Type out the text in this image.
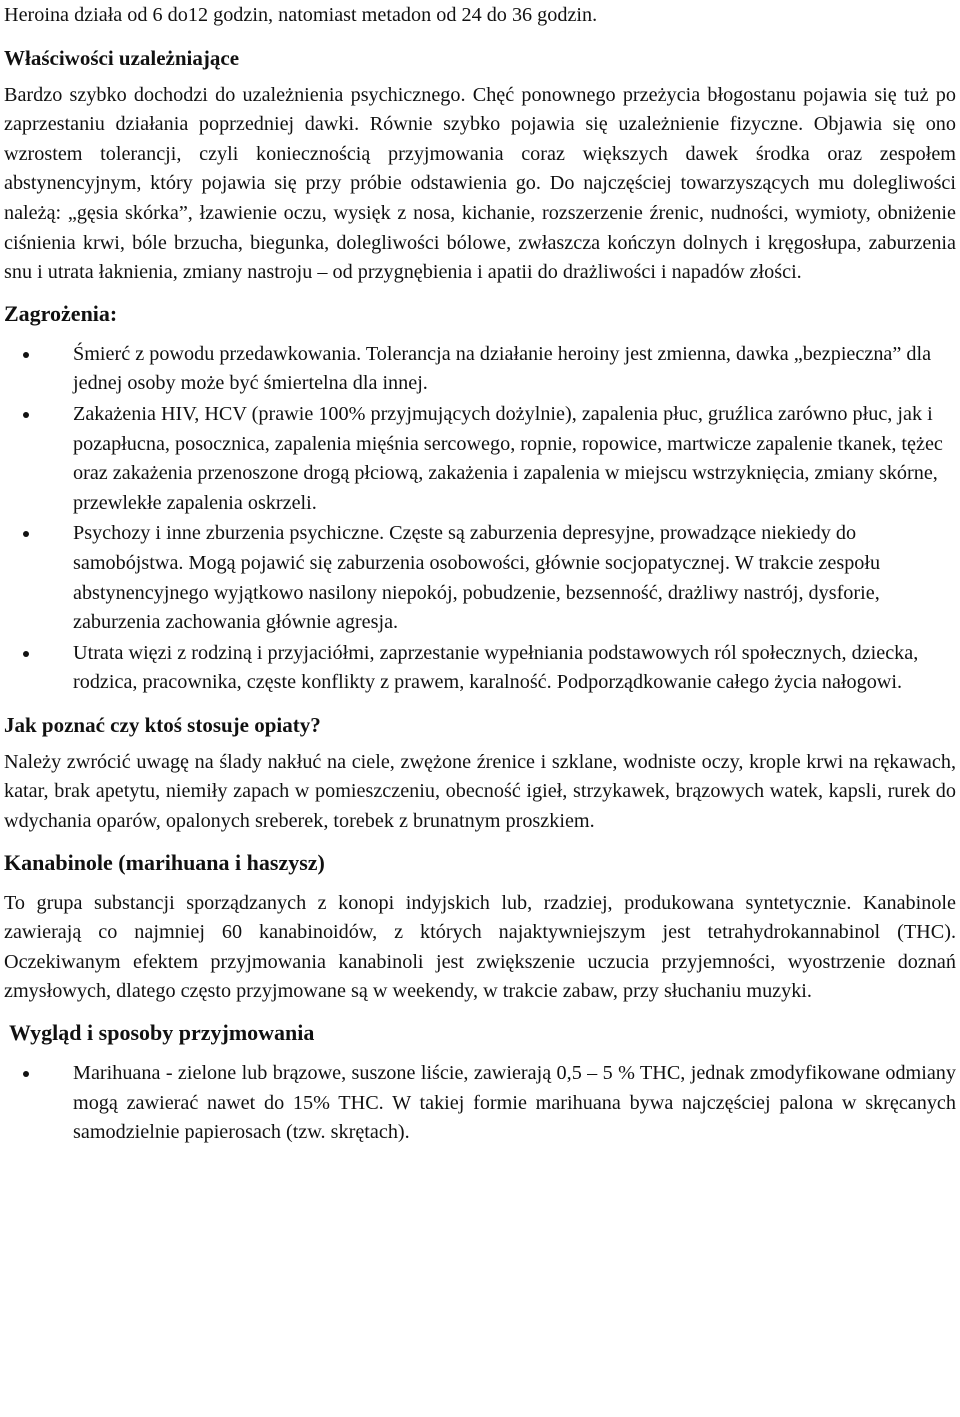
Heroina działa od 6 do12 godzin, natomiast metadon od 24 do 36 godzin.

Właściwości uzależniające

Bardzo szybko dochodzi do uzależnienia psychicznego. Chęć ponownego przeżycia błogostanu pojawia się tuż po zaprzestaniu działania poprzedniej dawki. Równie szybko pojawia się uzależnienie fizyczne. Objawia się ono wzrostem tolerancji, czyli koniecznością przyjmowania coraz większych dawek środka oraz zespołem abstynencyjnym, który pojawia się przy próbie odstawienia go. Do najczęściej towarzyszących mu dolegliwości należą: „gęsia skórka”, łzawienie oczu, wysięk z nosa, kichanie, rozszerzenie źrenic, nudności, wymioty, obniżenie ciśnienia krwi, bóle brzucha, biegunka, dolegliwości bólowe, zwłaszcza kończyn dolnych i kręgosłupa, zaburzenia snu i utrata łaknienia, zmiany nastroju – od przygnębienia i apatii do drażliwości i napadów złości.

Zagrożenia:

Śmierć z powodu przedawkowania. Tolerancja na działanie heroiny jest zmienna, dawka „bezpieczna” dla jednej osoby może być śmiertelna dla innej.

Zakażenia HIV, HCV (prawie 100% przyjmujących dożylnie), zapalenia płuc, gruźlica zarówno płuc, jak i pozapłucna, posocznica, zapalenia mięśnia sercowego, ropnie, ropowice, martwicze zapalenie tkanek, tężec oraz zakażenia przenoszone drogą płciową, zakażenia i zapalenia w miejscu wstrzyknięcia, zmiany skórne, przewlekłe zapalenia oskrzeli.

Psychozy i inne zburzenia psychiczne. Częste są zaburzenia depresyjne, prowadzące niekiedy do samobójstwa. Mogą pojawić się zaburzenia osobowości, głównie socjopatycznej. W trakcie zespołu abstynencyjnego wyjątkowo nasilony niepokój, pobudzenie, bezsenność, drażliwy nastrój, dysforie, zaburzenia zachowania głównie agresja.

Utrata więzi z rodziną i przyjaciółmi, zaprzestanie wypełniania podstawowych ról społecznych, dziecka, rodzica, pracownika, częste konflikty z prawem, karalność. Podporządkowanie całego życia nałogowi.

Jak poznać czy ktoś stosuje opiaty?

Należy zwrócić uwagę na ślady nakłuć na ciele, zwężone źrenice i szklane, wodniste oczy, krople krwi na rękawach, katar, brak apetytu, niemiły zapach w pomieszczeniu, obecność igieł, strzykawek, brązowych watek, kapsli, rurek do wdychania oparów, opalonych sreberek, torebek z brunatnym proszkiem.

Kanabinole (marihuana i haszysz)

To grupa substancji sporządzanych z konopi indyjskich lub, rzadziej, produkowana syntetycznie. Kanabinole zawierają co najmniej 60 kanabinoidów, z których najaktywniejszym jest tetrahydrokannabinol (THC). Oczekiwanym efektem przyjmowania kanabinoli jest zwiększenie uczucia przyjemności, wyostrzenie doznań zmysłowych, dlatego często przyjmowane są w weekendy, w trakcie zabaw, przy słuchaniu muzyki.

Wygląd i sposoby przyjmowania

Marihuana - zielone lub brązowe, suszone liście, zawierają 0,5 – 5 % THC, jednak zmodyfikowane odmiany mogą zawierać nawet do 15% THC. W takiej formie marihuana bywa najczęściej palona w skręcanych samodzielnie papierosach (tzw. skrętach).
